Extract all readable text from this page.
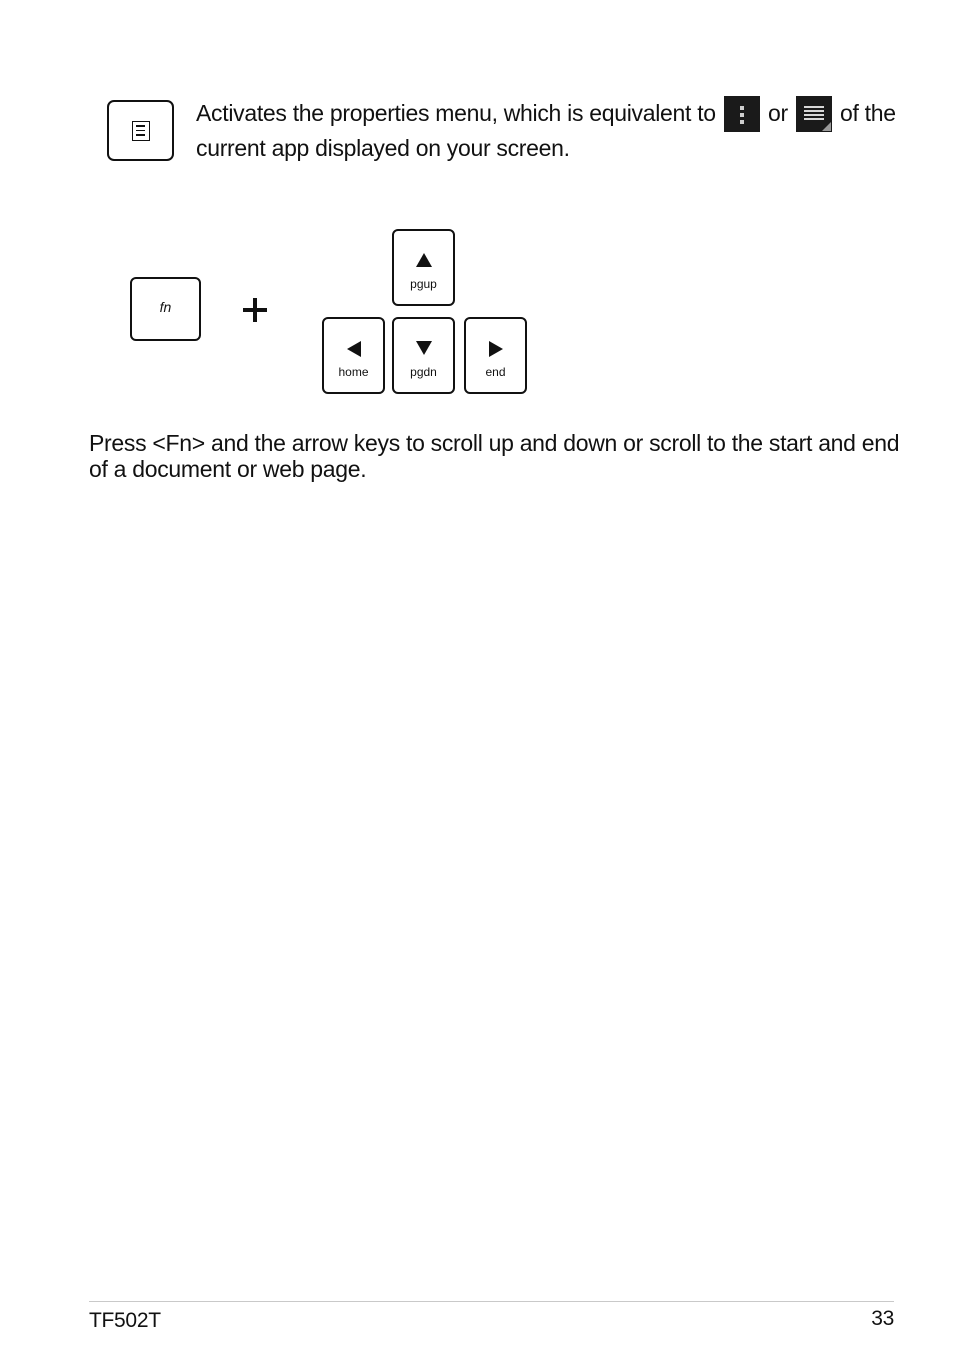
Activates the properties menu, which is equivalent to or of the current app displayed on your screen.
fn
pgup
home	pgdn	end

Press <Fn> and the arrow keys to scroll up and down or scroll to the start and end of a document or web page.

TF502T	33
